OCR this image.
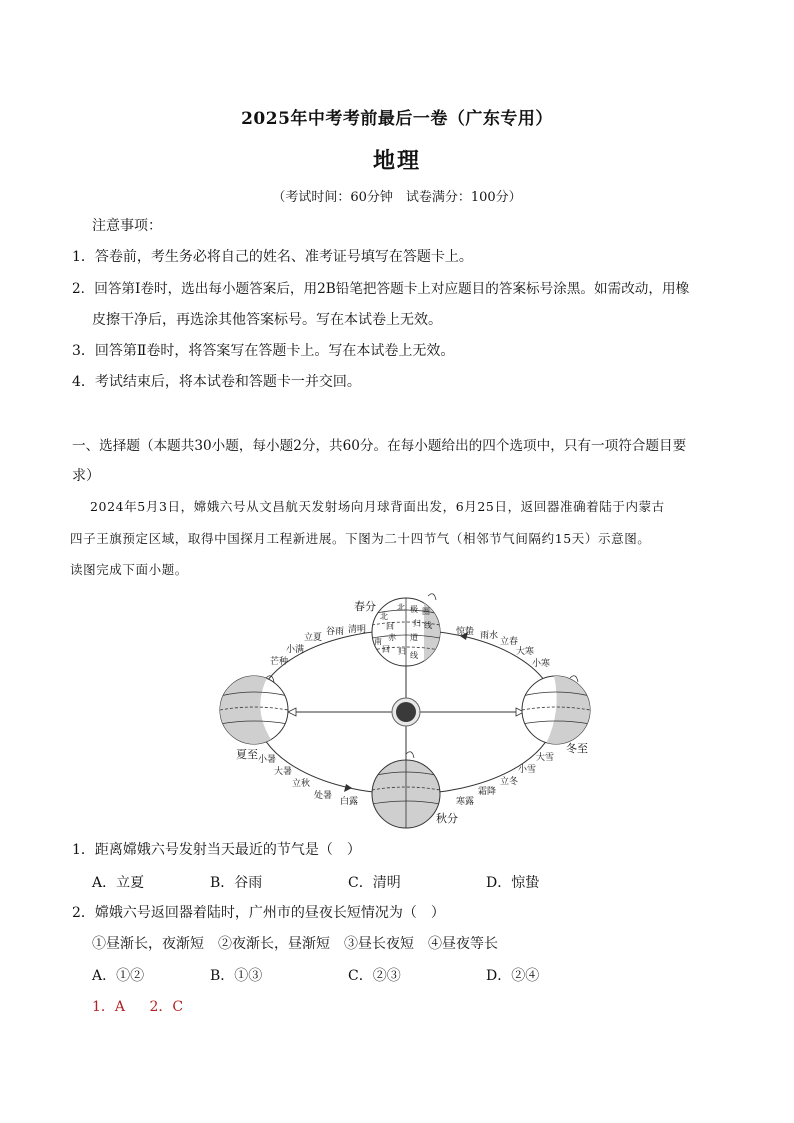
2025年中考考前最后一卷（广东专用）
地理
（考试时间：60分钟　试卷满分：100分）
注意事项：
1．答卷前，考生务必将自己的姓名、准考证号填写在答题卡上。
2．回答第Ⅰ卷时，选出每小题答案后，用2B铅笔把答题卡上对应题目的答案标号涂黑。如需改动，用橡
皮擦干净后，再选涂其他答案标号。写在本试卷上无效。
3．回答第Ⅱ卷时，将答案写在答题卡上。写在本试卷上无效。
4．考试结束后，将本试卷和答题卡一并交回。
一、选择题（本题共30小题，每小题2分，共60分。在每小题给出的四个选项中，只有一项符合题目要
求）

2024年5月3日，嫦娥六号从文昌航天发射场向月球背面出发，6月25日，返回器准确着陆于内蒙古

四子王旗预定区域，取得中国探月工程新进展。下图为二十四节气（相邻节气间隔约15天）示意图。

读图完成下面小题。

北 极 圈
北
回 归 线
赤 道
南
回 归 线
春分
夏至	冬至
秋分
小满
立夏
谷雨 清明
芒种
惊蛰 雨水
立春
大寒
小寒
小暑
大暑
立秋
处暑
白露
大雪
小雪
立冬
霜降
寒露
1．距离嫦娥六号发射当天最近的节气是（　）
A．立夏	B．谷雨	C．清明	D．惊蛰
2．嫦娥六号返回器着陆时，广州市的昼夜长短情况为（　）
①昼渐长，夜渐短　②夜渐长，昼渐短　③昼长夜短　④昼夜等长
A．①②	B．①③	C．②③	D．②④
1．A 2．C
